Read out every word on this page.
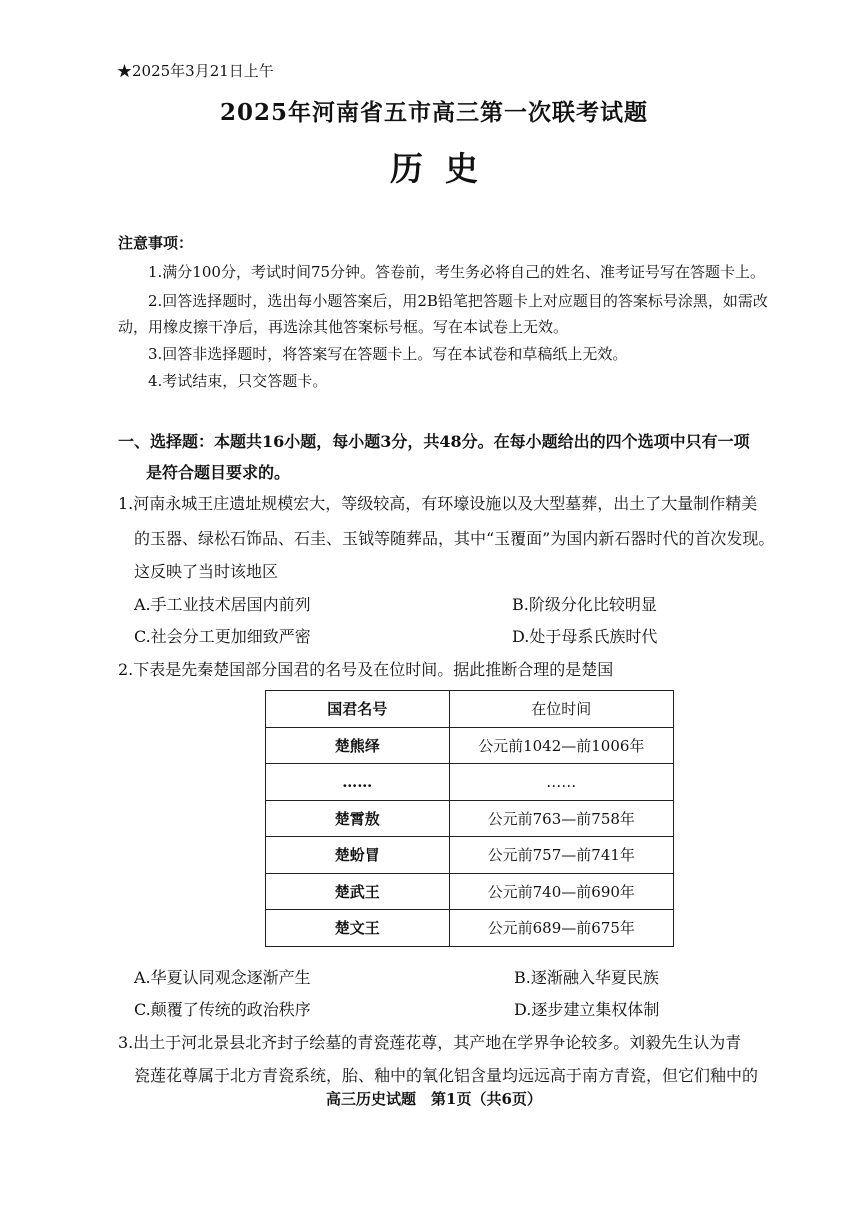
★2025年3月21日上午
2025年河南省五市高三第一次联考试题
历史
注意事项：
1.满分100分，考试时间75分钟。答卷前，考生务必将自己的姓名、准考证号写在答题卡上。
2.回答选择题时，选出每小题答案后，用2B铅笔把答题卡上对应题目的答案标号涂黑，如需改
动，用橡皮擦干净后，再选涂其他答案标号框。写在本试卷上无效。
3.回答非选择题时，将答案写在答题卡上。写在本试卷和草稿纸上无效。
4.考试结束，只交答题卡。
一、选择题：本题共16小题，每小题3分，共48分。在每小题给出的四个选项中只有一项
是符合题目要求的。
1.河南永城王庄遗址规模宏大，等级较高，有环壕设施以及大型墓葬，出土了大量制作精美
的玉器、绿松石饰品、石圭、玉钺等随葬品，其中“玉覆面”为国内新石器时代的首次发现。
这反映了当时该地区
A.手工业技术居国内前列	B.阶级分化比较明显
C.社会分工更加细致严密	D.处于母系氏族时代
2.下表是先秦楚国部分国君的名号及在位时间。据此推断合理的是楚国
国君名号	在位时间
楚熊绎	公元前1042—前1006年
……	……
楚霄敖	公元前763—前758年
楚蚡冒	公元前757—前741年
楚武王	公元前740—前690年
楚文王	公元前689—前675年
A.华夏认同观念逐渐产生	B.逐渐融入华夏民族
C.颠覆了传统的政治秩序	D.逐步建立集权体制
3.出土于河北景县北齐封子绘墓的青瓷莲花尊，其产地在学界争论较多。刘毅先生认为青
瓷莲花尊属于北方青瓷系统，胎、釉中的氧化铝含量均远远高于南方青瓷，但它们釉中的
高三历史试题　第1页（共6页）
